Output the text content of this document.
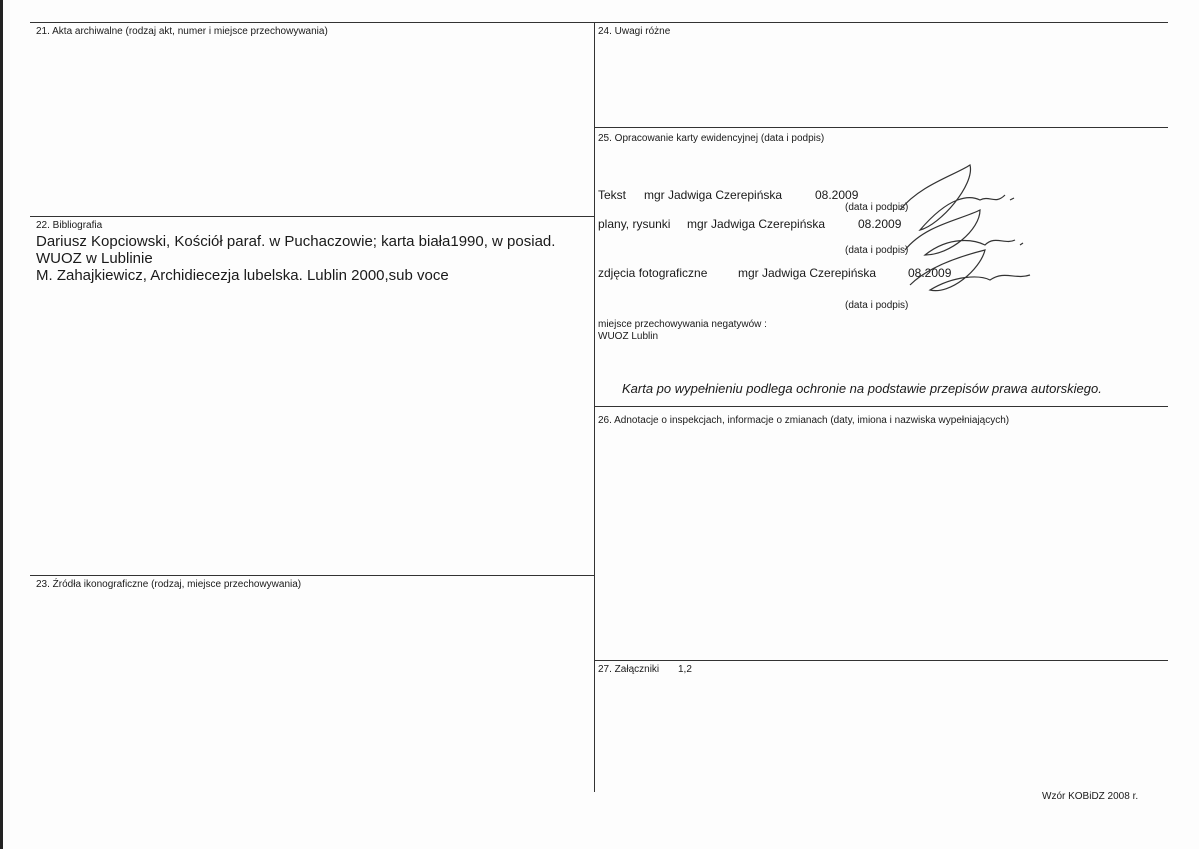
21. Akta archiwalne (rodzaj akt, numer i miejsce przechowywania)
22. Bibliografia
Dariusz Kopciowski, Kościół paraf. w Puchaczowie; karta biała1990, w posiad.
WUOZ w Lublinie
M. Zahajkiewicz, Archidiecezja lubelska. Lublin 2000,sub voce
23. Źródła ikonograficzne (rodzaj, miejsce przechowywania)
24. Uwagi różne
25. Opracowanie karty ewidencyjnej (data i podpis)
Tekst mgr Jadwiga Czerepińska	08.2009
(data i podpis)
plany, rysunki mgr Jadwiga Czerepińska	08.2009
(data i podpis)
zdjęcia fotograficzne	mgr Jadwiga Czerepińska	08.2009
(data i podpis)
miejsce przechowywania negatywów :
WUOZ Lublin
Karta po wypełnieniu podlega ochronie na podstawie przepisów prawa autorskiego.
26. Adnotacje o inspekcjach, informacje o zmianach (daty, imiona i nazwiska wypełniających)
27. Załączniki 1,2
Wzór KOBiDZ 2008 r.
